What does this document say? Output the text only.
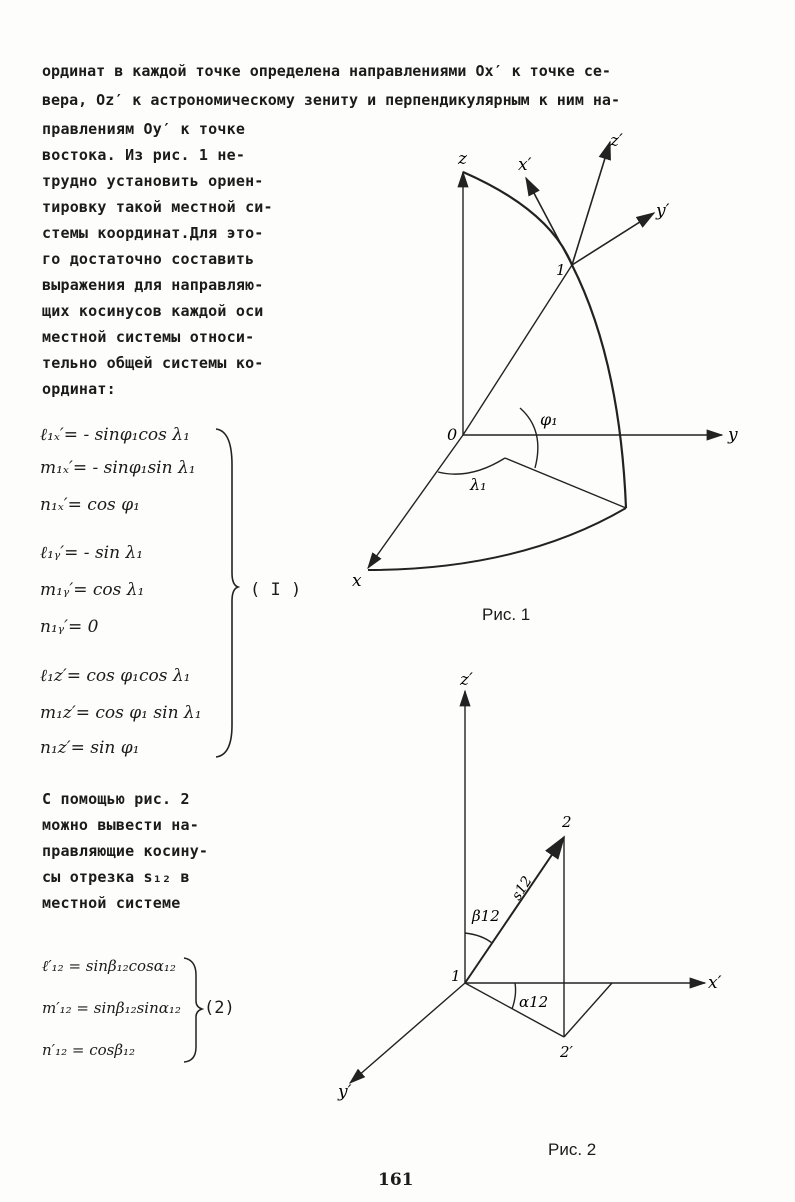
ординат в каждой точке определена направлениями Ox′ к точке се-
вера, Oz′ к астрономическому зениту и перпендикулярным к ним на-
правлениям Oy′ к точке
востока. Из рис. 1 не-
трудно установить ориен-
тировку такой местной си-
стемы координат.Для это-
го достаточно составить
выражения для направляю-
щих косинусов каждой оси
местной системы относи-
тельно общей системы ко-
ординат:
ℓ₁ₓ′= - sinφ₁cos λ₁
m₁ₓ′= - sinφ₁sin λ₁
n₁ₓ′= cos φ₁
ℓ₁ᵧ′= - sin λ₁
m₁ᵧ′= cos λ₁
n₁ᵧ′= 0
ℓ₁z′= cos φ₁cos λ₁
m₁z′= cos φ₁ sin λ₁
n₁z′= sin φ₁
( I )
С помощью рис. 2
можно вывести на-
правляющие косину-
сы отрезка s₁₂ в
местной системе
ℓ′₁₂ = sinβ₁₂cosα₁₂
m′₁₂ = sinβ₁₂sinα₁₂
n′₁₂ = cosβ₁₂
(2)
z	x′
z′
y′
1
φ₁
0	y
λ₁
x
Рис. 1
z′
2
s12
β12
1
α12
x′
2′
y′
Рис. 2
161
